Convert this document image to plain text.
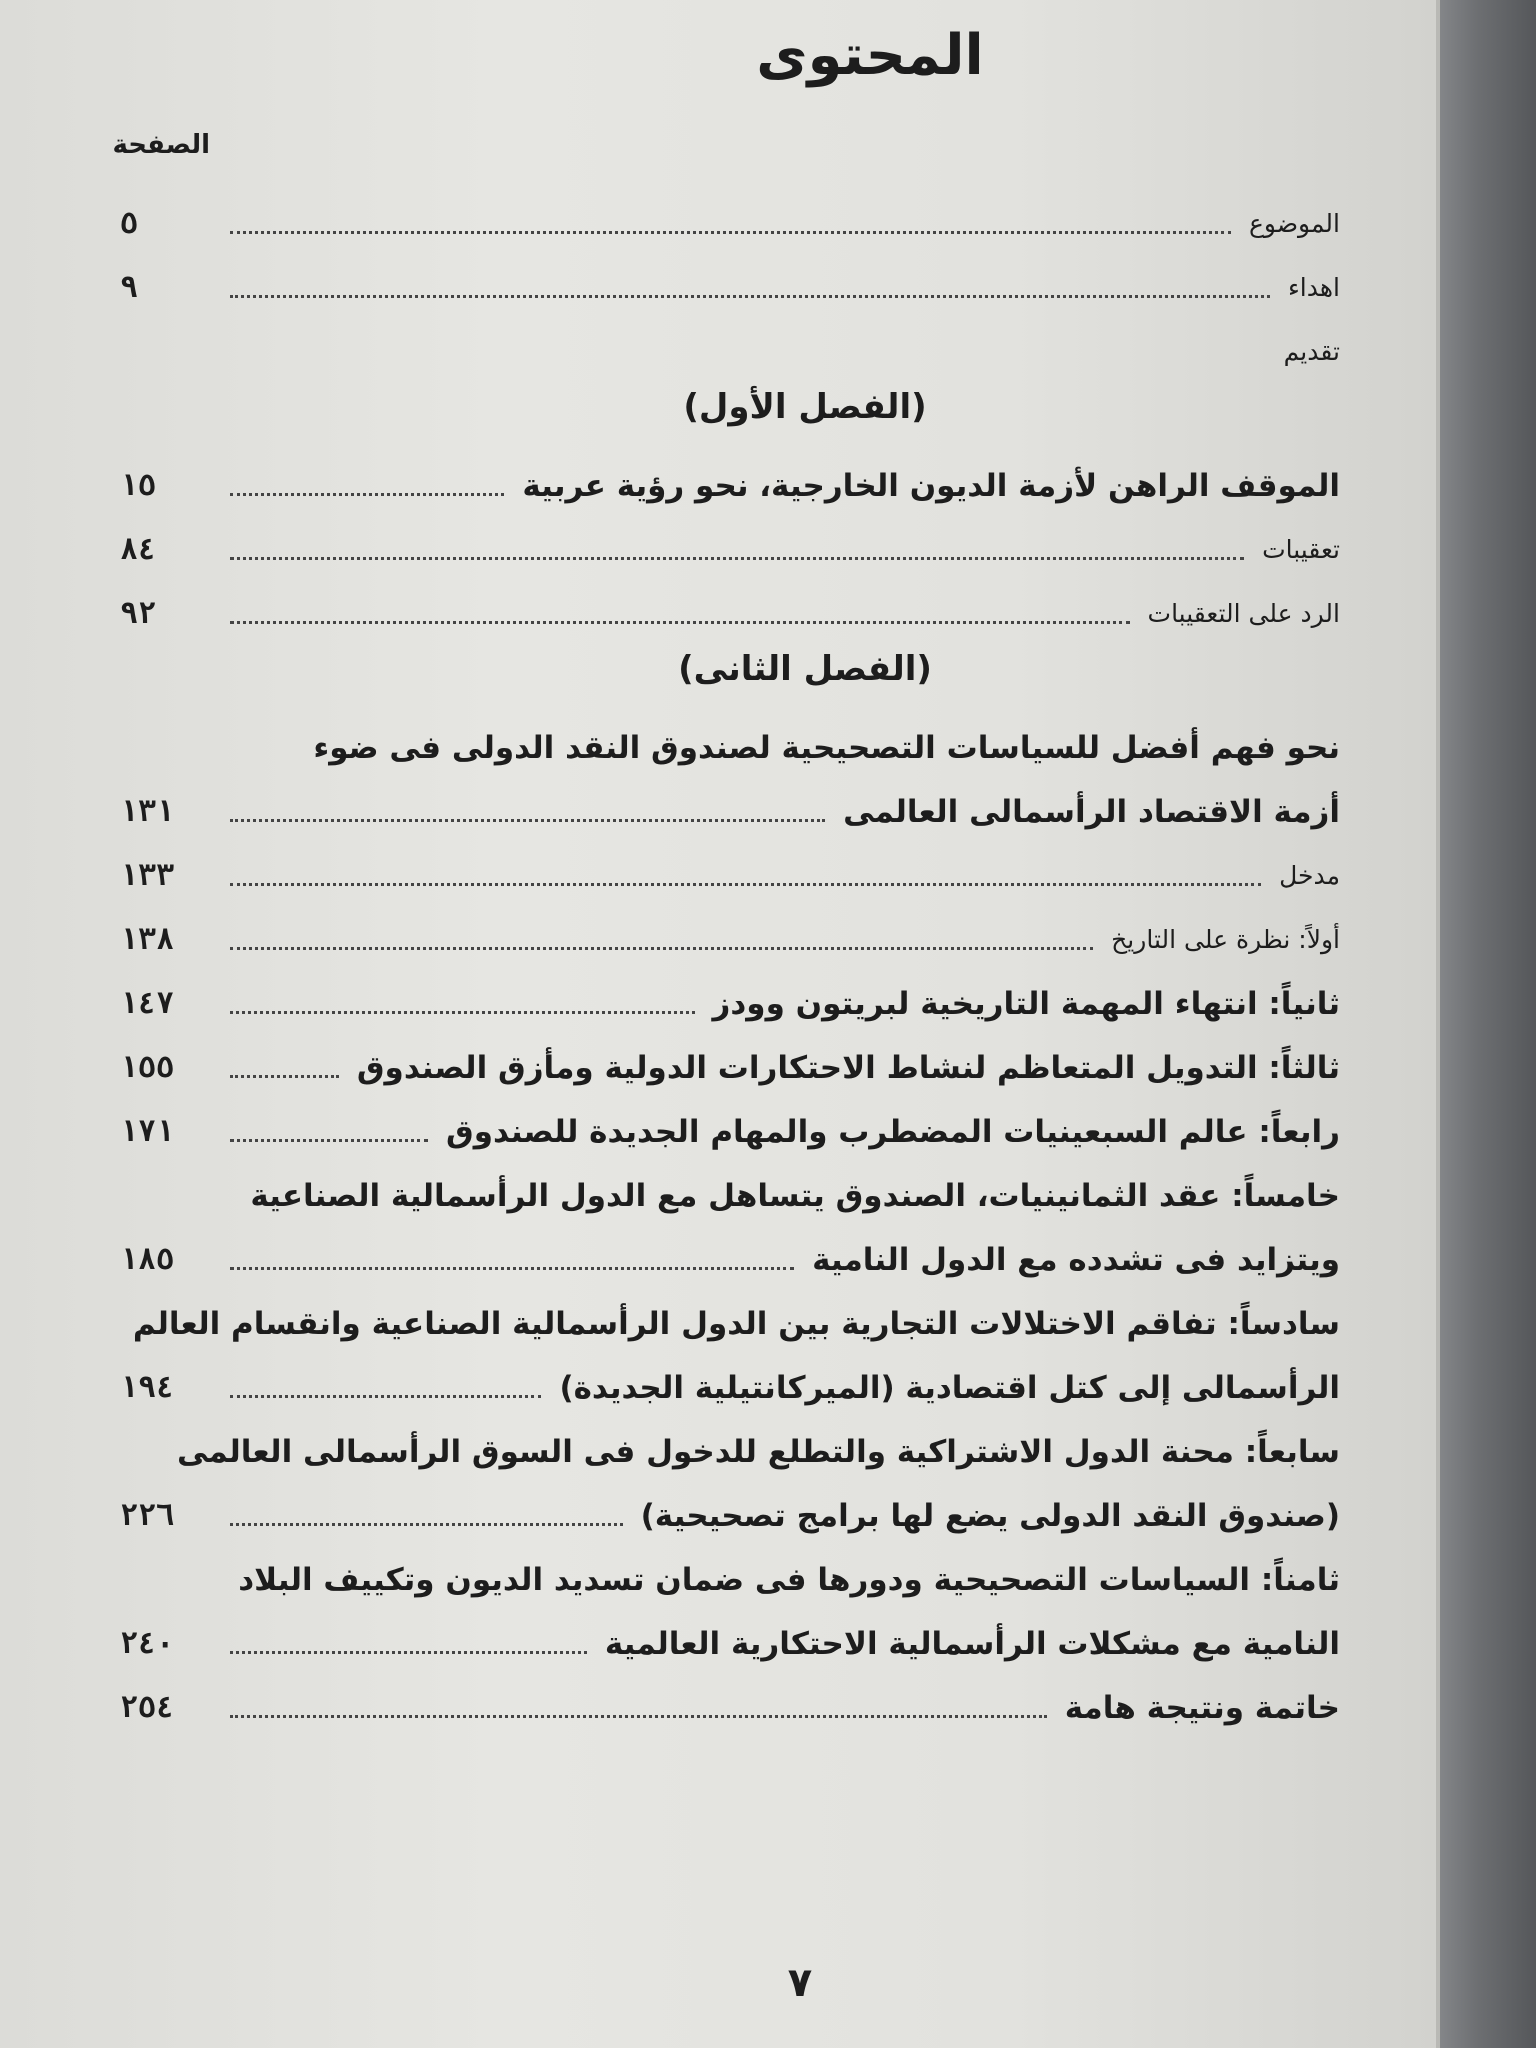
المحتوى
الصفحة
الموضوع
٥
اهداء
٩
تقديم
(الفصل الأول)
الموقف الراهن لأزمة الديون الخارجية، نحو رؤية عربية
١٥
تعقيبات
٨٤
الرد على التعقيبات
٩٢
(الفصل الثانى)
نحو فهم أفضل للسياسات التصحيحية لصندوق النقد الدولى فى ضوء
أزمة الاقتصاد الرأسمالى العالمى
١٣١
مدخل
١٣٣
أولاً: نظرة على التاريخ
١٣٨
ثانياً: انتهاء المهمة التاريخية لبريتون وودز
١٤٧
ثالثاً: التدويل المتعاظم لنشاط الاحتكارات الدولية ومأزق الصندوق
١٥٥
رابعاً: عالم السبعينيات المضطرب والمهام الجديدة للصندوق
١٧١
خامساً: عقد الثمانينيات، الصندوق يتساهل مع الدول الرأسمالية الصناعية
ويتزايد فى تشدده مع الدول النامية
١٨٥
سادساً: تفاقم الاختلالات التجارية بين الدول الرأسمالية الصناعية وانقسام العالم
الرأسمالى إلى كتل اقتصادية (الميركانتيلية الجديدة)
١٩٤
سابعاً: محنة الدول الاشتراكية والتطلع للدخول فى السوق الرأسمالى العالمى
(صندوق النقد الدولى يضع لها برامج تصحيحية)
٢٢٦
ثامناً: السياسات التصحيحية ودورها فى ضمان تسديد الديون وتكييف البلاد
النامية مع مشكلات الرأسمالية الاحتكارية العالمية
٢٤٠
خاتمة ونتيجة هامة
٢٥٤
٧
